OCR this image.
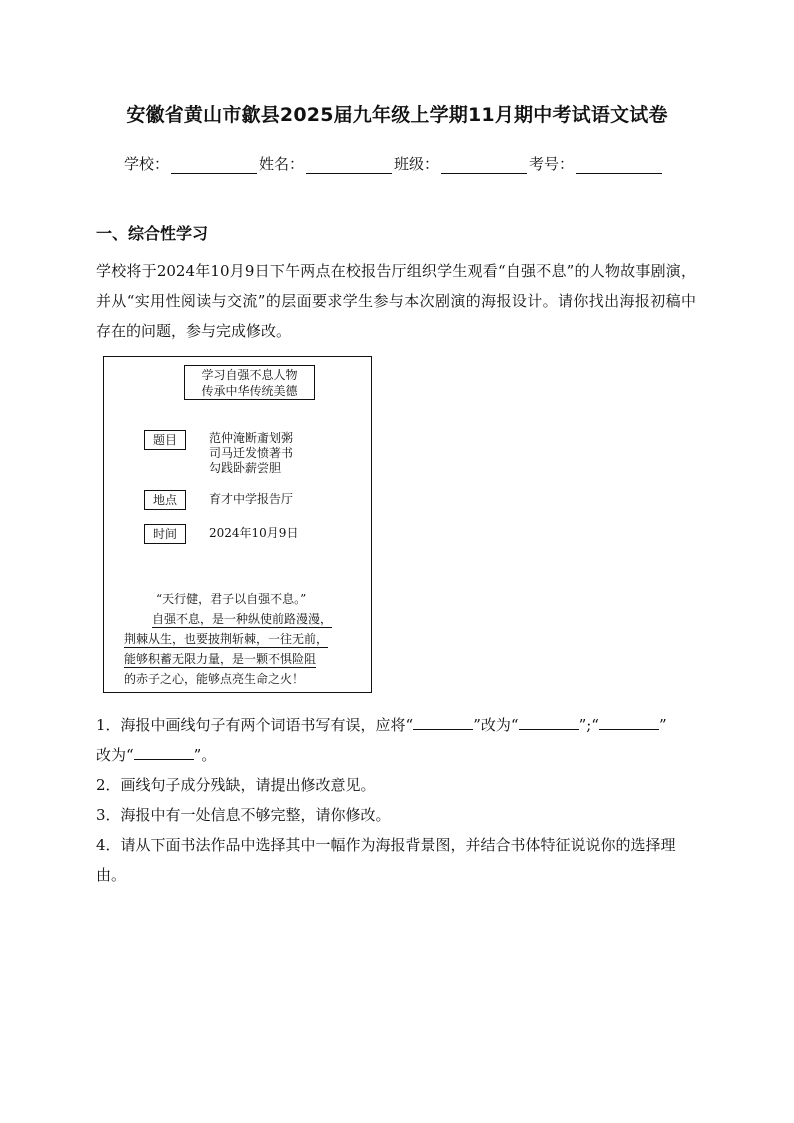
安徽省黄山市歙县2025届九年级上学期11月期中考试语文试卷
学校：	姓名：	班级：	考号：
一、综合性学习
学校将于2024年10月9日下午两点在校报告厅组织学生观看“自强不息”的人物故事剧演，并从“实用性阅读与交流”的层面要求学生参与本次剧演的海报设计。请你找出海报初稿中存在的问题，参与完成修改。
学习自强不息人物
传承中华传统美德
题目	范仲淹断齑划粥
司马迁发愤著书
勾践卧薪尝胆
地点	育才中学报告厅
时间	2024年10月9日
“天行健，君子以自强不息。”
自强不息，是一种纵使前路漫漫，
荆棘从生，也要披荆斩棘，一往无前，
能够积蓄无限力量，是一颗不惧险阻
的赤子之心，能够点亮生命之火！

1．海报中画线句子有两个词语书写有误，应将“	”改为“	”;“	”
改为“	”。

2．画线句子成分残缺，请提出修改意见。

3．海报中有一处信息不够完整，请你修改。

4．请从下面书法作品中选择其中一幅作为海报背景图，并结合书体特征说说你的选择理由。
